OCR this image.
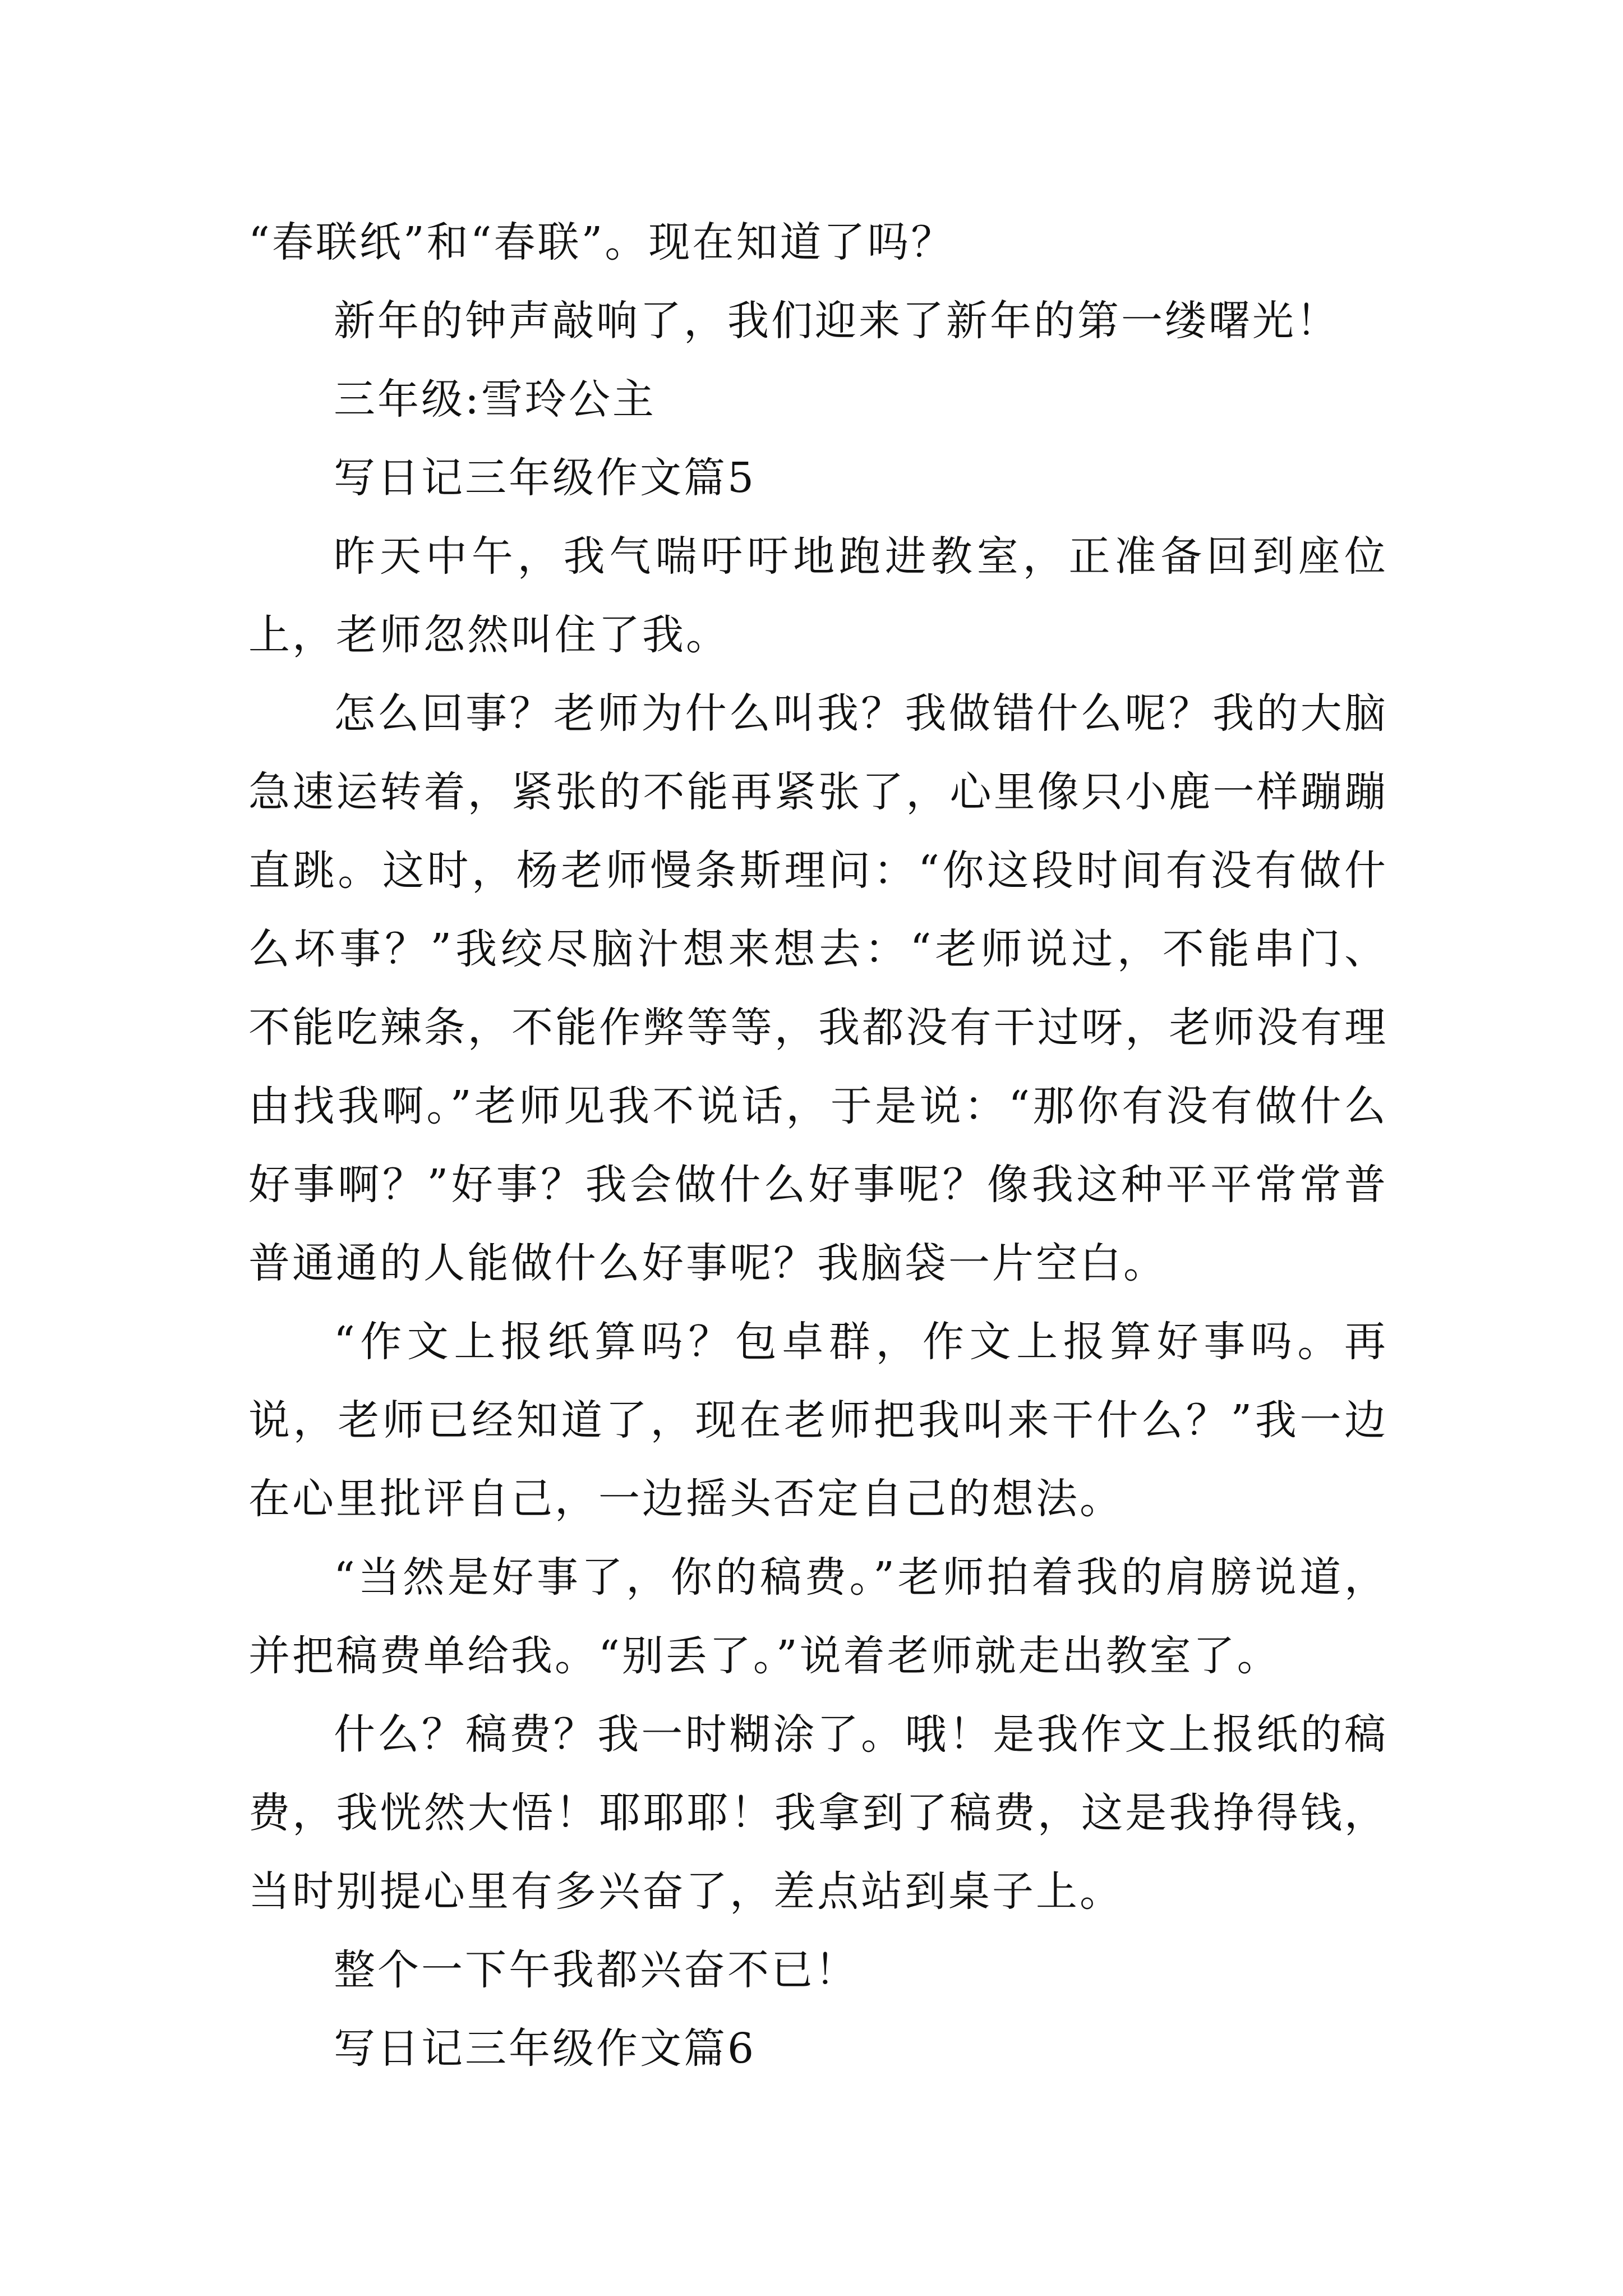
“春联纸”和“春联”。现在知道了吗？

新年的钟声敲响了，我们迎来了新年的第一缕曙光！

三年级:雪玲公主

写日记三年级作文篇5

昨天中午，我气喘吁吁地跑进教室，正准备回到座位上，老师忽然叫住了我。

怎么回事？老师为什么叫我？我做错什么呢？我的大脑急速运转着，紧张的不能再紧张了，心里像只小鹿一样蹦蹦直跳。这时，杨老师慢条斯理问：“你这段时间有没有做什么坏事？”我绞尽脑汁想来想去：“老师说过，不能串门、不能吃辣条，不能作弊等等，我都没有干过呀，老师没有理由找我啊。”老师见我不说话，于是说：“那你有没有做什么好事啊？”好事？我会做什么好事呢？像我这种平平常常普普通通的人能做什么好事呢？我脑袋一片空白。

“作文上报纸算吗？包卓群，作文上报算好事吗。再说，老师已经知道了，现在老师把我叫来干什么？”我一边在心里批评自己，一边摇头否定自己的想法。

“当然是好事了，你的稿费。”老师拍着我的肩膀说道，并把稿费单给我。“别丢了。”说着老师就走出教室了。

什么？稿费？我一时糊涂了。哦！是我作文上报纸的稿费，我恍然大悟！耶耶耶！我拿到了稿费，这是我挣得钱，当时别提心里有多兴奋了，差点站到桌子上。

整个一下午我都兴奋不已！

写日记三年级作文篇6
